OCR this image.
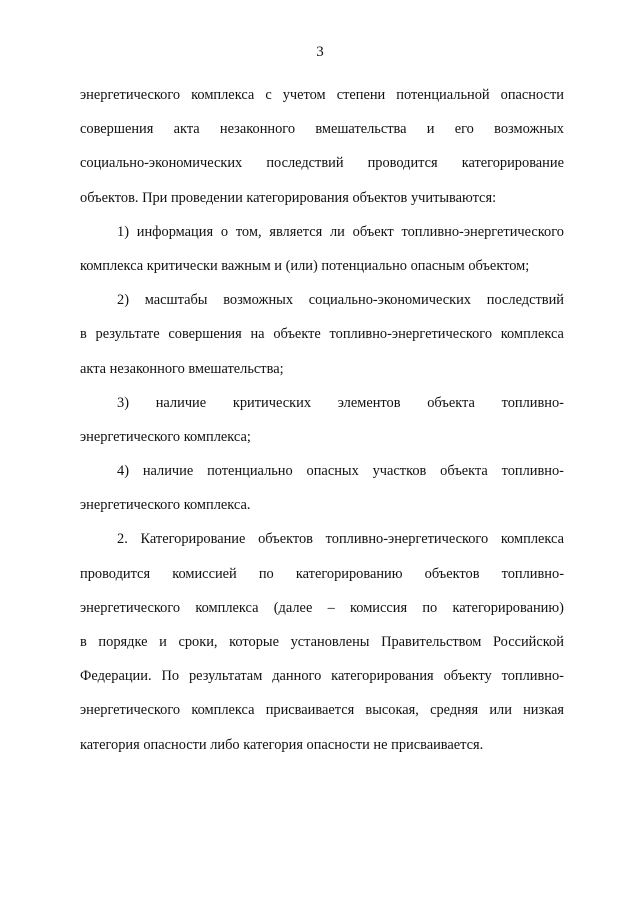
3
энергетического комплекса с учетом степени потенциальной опасности
совершения акта незаконного вмешательства и его возможных
социально-экономических последствий проводится категорирование
объектов. При проведении категорирования объектов учитываются:
1) информация о том, является ли объект топливно-энергетического
комплекса критически важным и (или) потенциально опасным объектом;
2) масштабы возможных социально-экономических последствий
в результате совершения на объекте топливно-энергетического комплекса
акта незаконного вмешательства;
3) наличие критических элементов объекта топливно-
энергетического комплекса;
4) наличие потенциально опасных участков объекта топливно-
энергетического комплекса.
2. Категорирование объектов топливно-энергетического комплекса
проводится комиссией по категорированию объектов топливно-
энергетического комплекса (далее – комиссия по категорированию)
в порядке и сроки, которые установлены Правительством Российской
Федерации. По результатам данного категорирования объекту топливно-
энергетического комплекса присваивается высокая, средняя или низкая
категория опасности либо категория опасности не присваивается.
